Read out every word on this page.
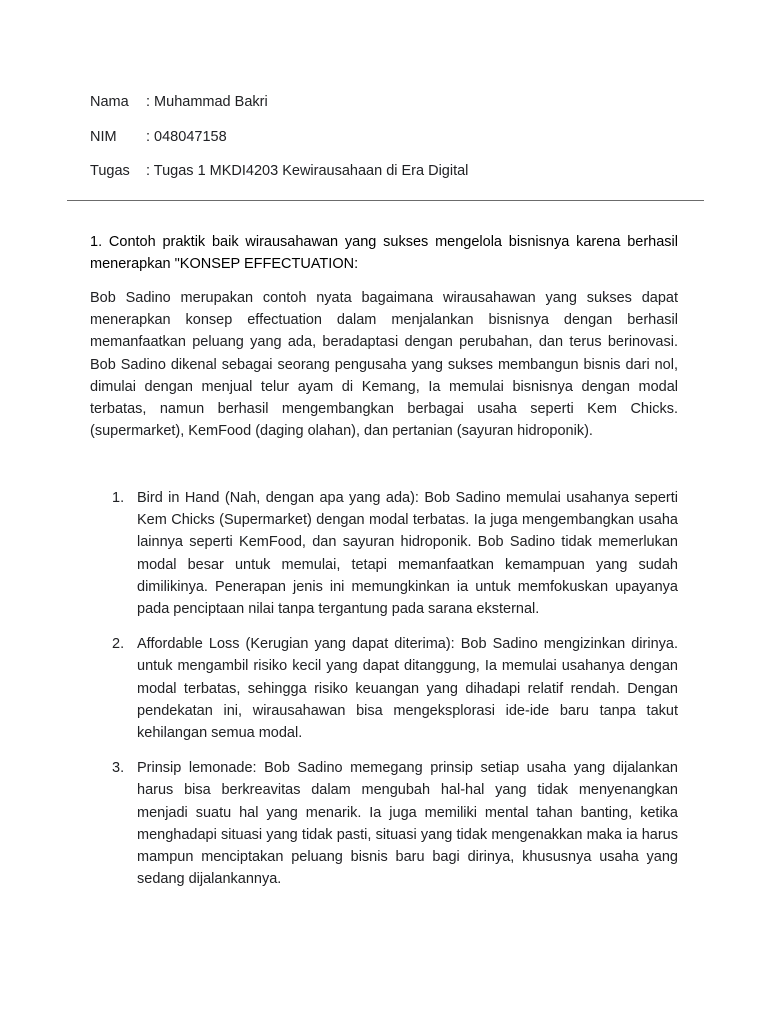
Nama	: Muhammad Bakri
NIM	: 048047158
Tugas	: Tugas 1 MKDI4203 Kewirausahaan di Era Digital
1. Contoh praktik baik wirausahawan yang sukses mengelola bisnisnya karena berhasil menerapkan "KONSEP EFFECTUATION:
Bob Sadino merupakan contoh nyata bagaimana wirausahawan yang sukses dapat menerapkan konsep effectuation dalam menjalankan bisnisnya dengan berhasil memanfaatkan peluang yang ada, beradaptasi dengan perubahan, dan terus berinovasi. Bob Sadino dikenal sebagai seorang pengusaha yang sukses membangun bisnis dari nol, dimulai dengan menjual telur ayam di Kemang, Ia memulai bisnisnya dengan modal terbatas, namun berhasil mengembangkan berbagai usaha seperti Kem Chicks. (supermarket), KemFood (daging olahan), dan pertanian (sayuran hidroponik).
1. Bird in Hand (Nah, dengan apa yang ada): Bob Sadino memulai usahanya seperti Kem Chicks (Supermarket) dengan modal terbatas. Ia juga mengembangkan usaha lainnya seperti KemFood, dan sayuran hidroponik. Bob Sadino tidak memerlukan modal besar untuk memulai, tetapi memanfaatkan kemampuan yang sudah dimilikinya. Penerapan jenis ini memungkinkan ia untuk memfokuskan upayanya pada penciptaan nilai tanpa tergantung pada sarana eksternal.
2. Affordable Loss (Kerugian yang dapat diterima): Bob Sadino mengizinkan dirinya. untuk mengambil risiko kecil yang dapat ditanggung, Ia memulai usahanya dengan modal terbatas, sehingga risiko keuangan yang dihadapi relatif rendah. Dengan pendekatan ini, wirausahawan bisa mengeksplorasi ide-ide baru tanpa takut kehilangan semua modal.
3. Prinsip lemonade: Bob Sadino memegang prinsip setiap usaha yang dijalankan harus bisa berkreavitas dalam mengubah hal-hal yang tidak menyenangkan menjadi suatu hal yang menarik. Ia juga memiliki mental tahan banting, ketika menghadapi situasi yang tidak pasti, situasi yang tidak mengenakkan maka ia harus mampun menciptakan peluang bisnis baru bagi dirinya, khususnya usaha yang sedang dijalankannya.
